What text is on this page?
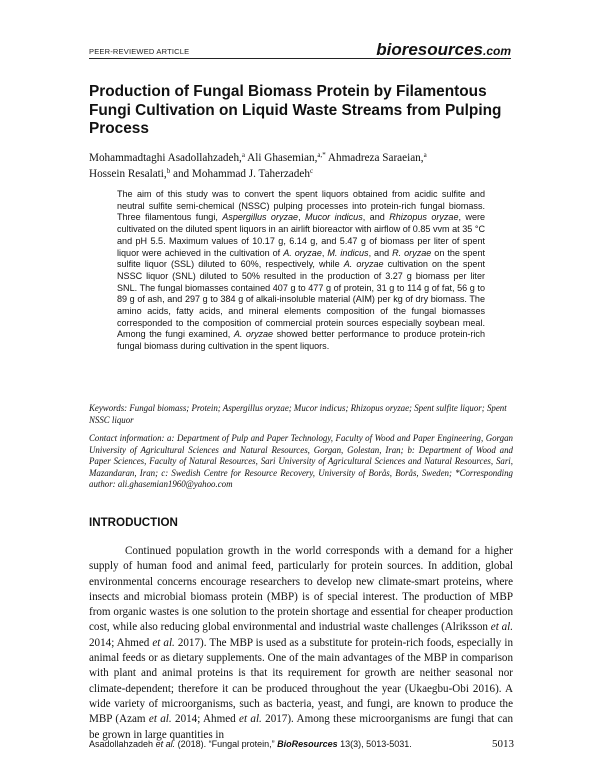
PEER-REVIEWED ARTICLE	bioresources.com
Production of Fungal Biomass Protein by Filamentous Fungi Cultivation on Liquid Waste Streams from Pulping Process
Mohammadtaghi Asadollahzadeh,$^a$ Ali Ghasemian,$^{a,*}$ Ahmadreza Saraeian,$^a$
Hossein Resalati,$^b$ and Mohammad J. Taherzadeh$^c$

The aim of this study was to convert the spent liquors obtained from acidic sulfite and neutral sulfite semi-chemical (NSSC) pulping processes into protein-rich fungal biomass. Three filamentous fungi, Aspergillus oryzae, Mucor indicus, and Rhizopus oryzae, were cultivated on the diluted spent liquors in an airlift bioreactor with airflow of 0.85 vvm at 35 °C and pH 5.5. Maximum values of 10.17 g, 6.14 g, and 5.47 g of biomass per liter of spent liquor were achieved in the cultivation of A. oryzae, M. indicus, and R. oryzae on the spent sulfite liquor (SSL) diluted to 60%, respectively, while A. oryzae cultivation on the spent NSSC liquor (SNL) diluted to 50% resulted in the production of 3.27 g biomass per liter SNL. The fungal biomasses contained 407 g to 477 g of protein, 31 g to 114 g of fat, 56 g to 89 g of ash, and 297 g to 384 g of alkali-insoluble material (AIM) per kg of dry biomass. The amino acids, fatty acids, and mineral elements composition of the fungal biomasses corresponded to the composition of commercial protein sources especially soybean meal. Among the fungi examined, A. oryzae showed better performance to produce protein-rich fungal biomass during cultivation in the spent liquors.

Keywords: Fungal biomass; Protein; Aspergillus oryzae; Mucor indicus; Rhizopus oryzae; Spent sulfite liquor; Spent NSSC liquor
Contact information: a: Department of Pulp and Paper Technology, Faculty of Wood and Paper Engineering, Gorgan University of Agricultural Sciences and Natural Resources, Gorgan, Golestan, Iran; b: Department of Wood and Paper Sciences, Faculty of Natural Resources, Sari University of Agricultural Sciences and Natural Resources, Sari, Mazandaran, Iran; c: Swedish Centre for Resource Recovery, University of Borås, Borås, Sweden; *Corresponding author: ali.ghasemian1960@yahoo.com
INTRODUCTION

Continued population growth in the world corresponds with a demand for a higher supply of human food and animal feed, particularly for protein sources. In addition, global environmental concerns encourage researchers to develop new climate-smart proteins, where insects and microbial biomass protein (MBP) is of special interest. The production of MBP from organic wastes is one solution to the protein shortage and essential for cheaper production cost, while also reducing global environmental and industrial waste challenges (Alriksson et al. 2014; Ahmed et al. 2017). The MBP is used as a substitute for protein-rich foods, especially in animal feeds or as dietary supplements. One of the main advantages of the MBP in comparison with plant and animal proteins is that its requirement for growth are neither seasonal nor climate-dependent; therefore it can be produced throughout the year (Ukaegbu-Obi 2016). A wide variety of microorganisms, such as bacteria, yeast, and fungi, are known to produce the MBP (Azam et al. 2014; Ahmed et al. 2017). Among these microorganisms are fungi that can be grown in large quantities in

Asadollahzadeh et al. (2018). “Fungal protein,” BioResources 13(3), 5013-5031.	5013
